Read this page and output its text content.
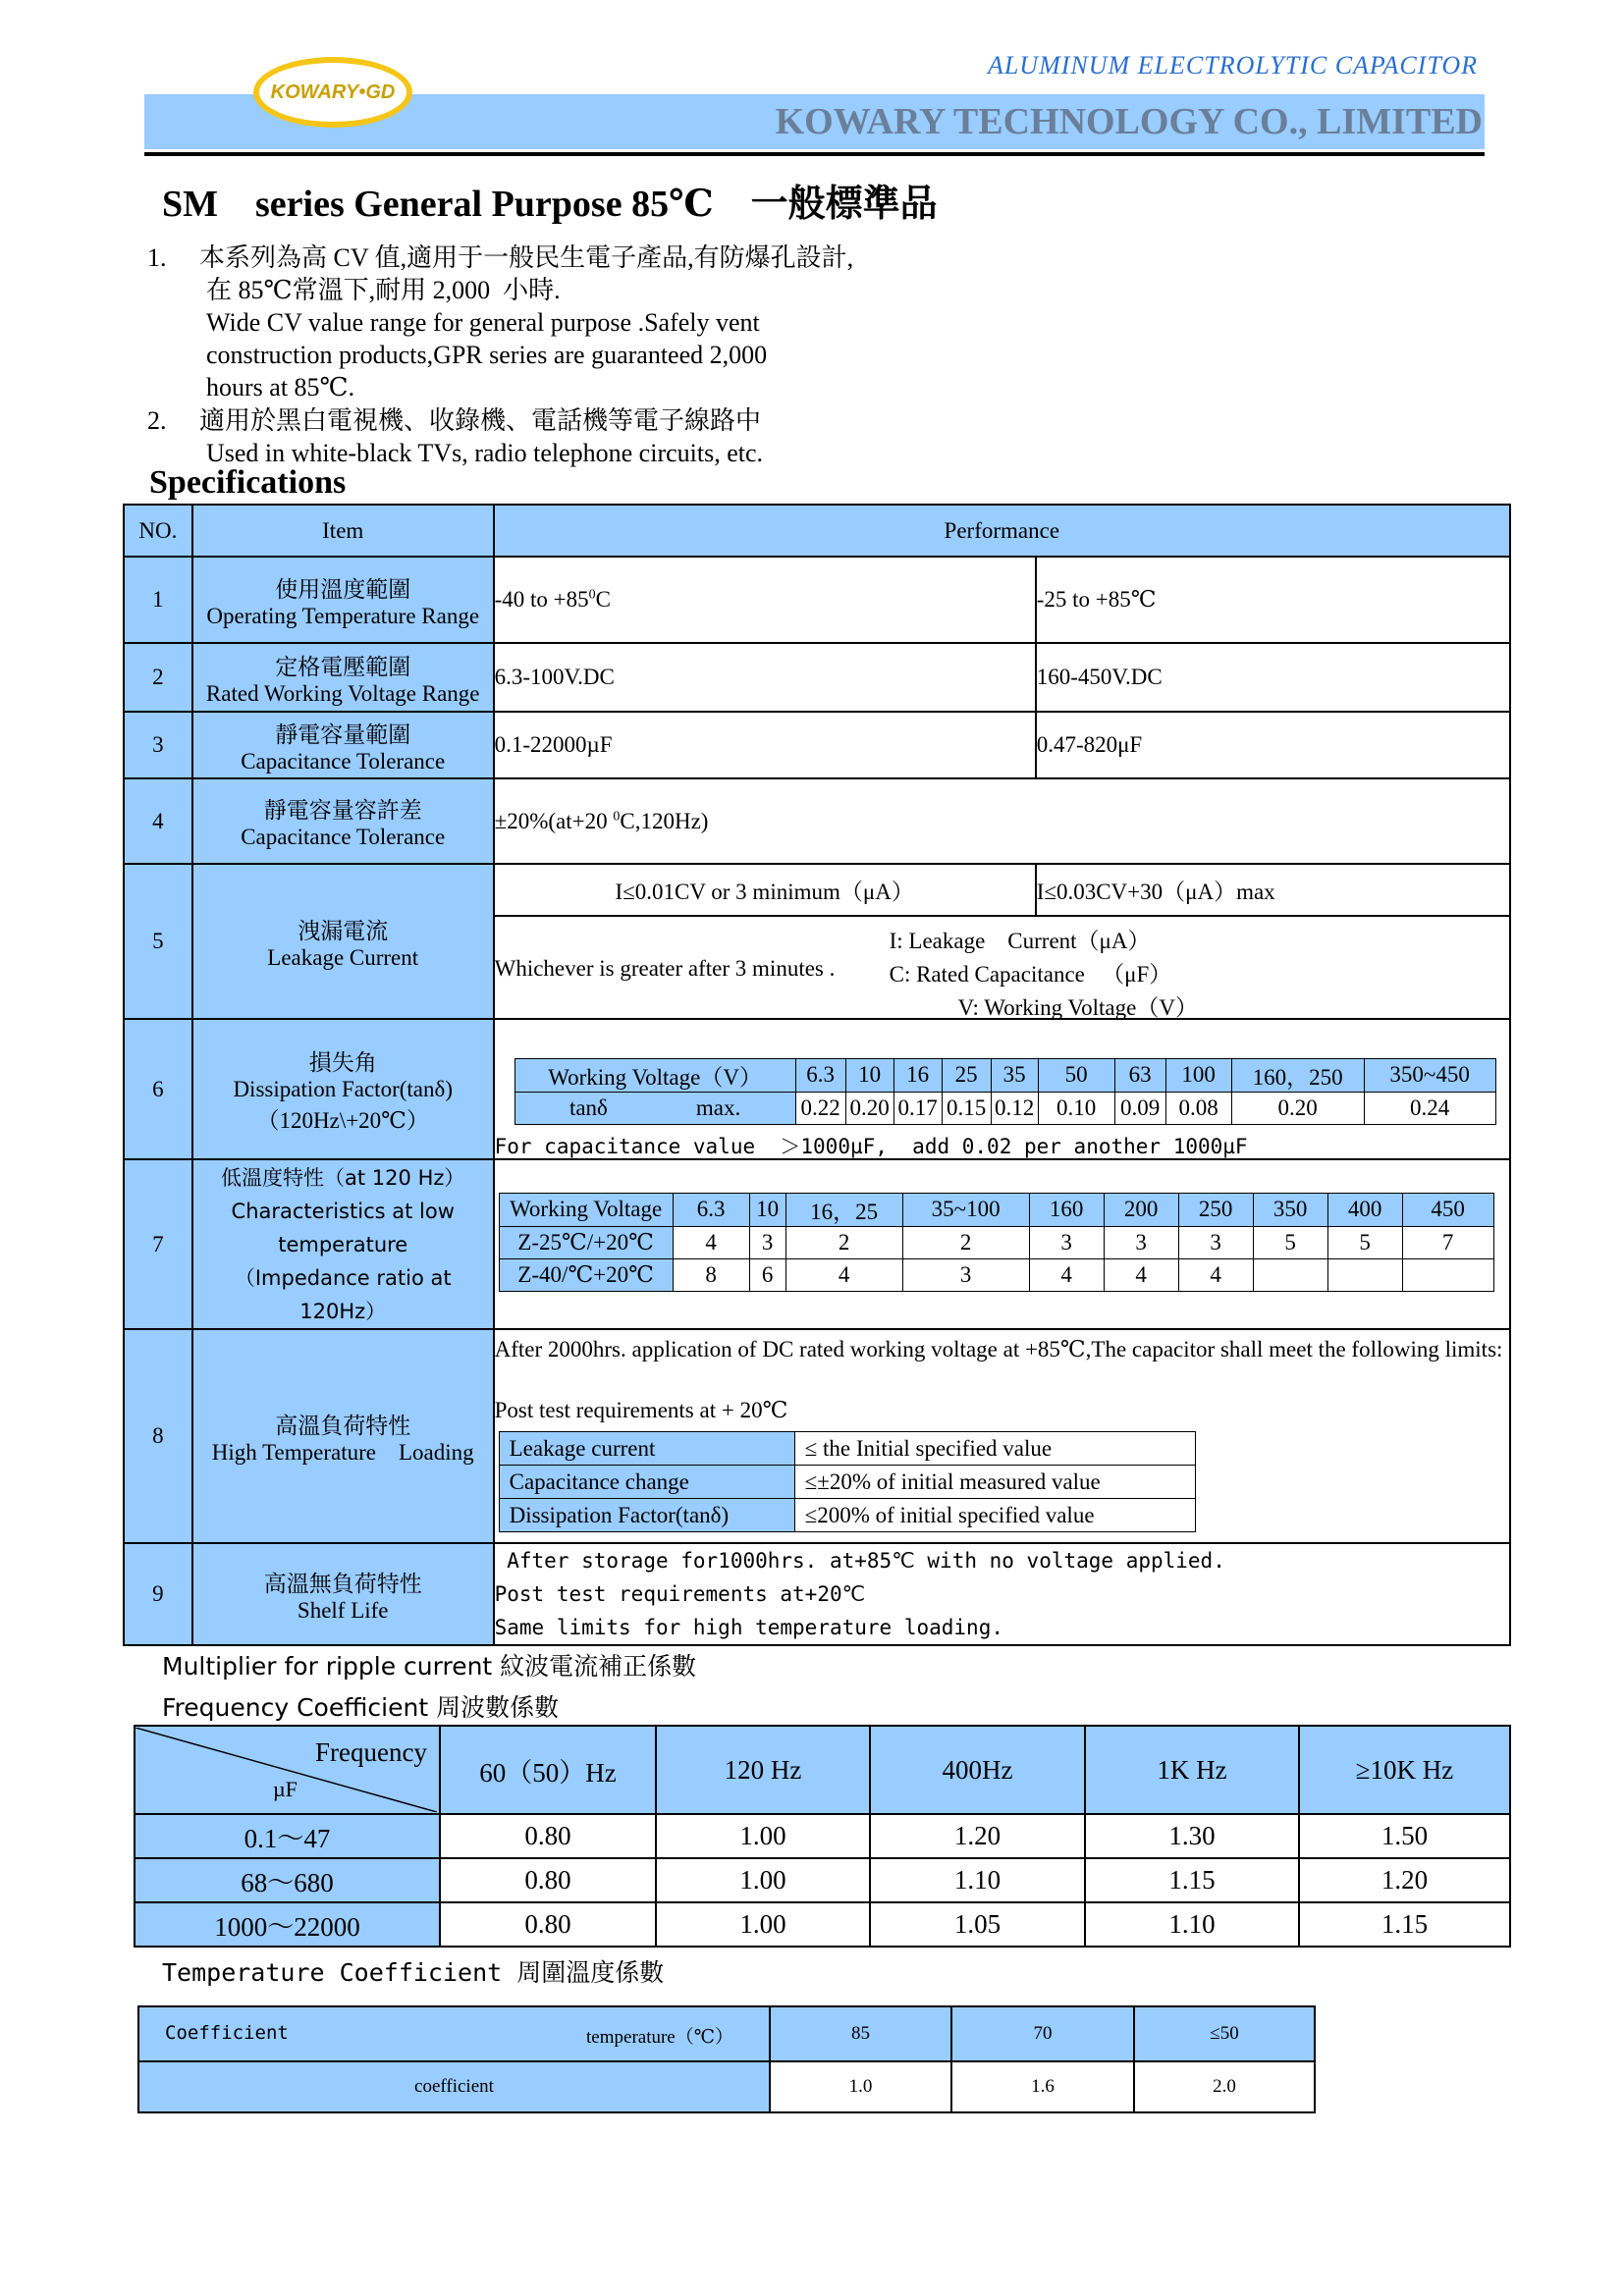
KOWARY•GD
ALUMINUM ELECTROLYTIC CAPACITOR
KOWARY TECHNOLOGY CO., LIMITED
SM    series General Purpose 85℃    一般標準品
1. 本系列為高 CV 值,適用于一般民生電子產品,有防爆孔設計,
在 85℃常溫下,耐用 2,000  小時.
Wide CV value range for general purpose .Safely vent
construction products,GPR series are guaranteed 2,000
hours at 85℃.
2. 適用於黑白電視機、收錄機、電話機等電子線路中
Used in white-black TVs, radio telephone circuits, etc.
Specifications
NO.	Item	Performance
1	使用溫度範圍
Operating Temperature Range
	-40 to $+85^0C$	-25 to +85℃
2	定格電壓範圍
Rated Working Voltage Range
	6.3-100V.DC	160-450V.DC
3	靜電容量範圍
Capacitance Tolerance
	0.1-22000µF	0.47-820μF
4	靜電容量容許差
Capacitance Tolerance
	±20%(at+20 $^0$C,120Hz)
5	洩漏電流
Leakage Current
	I≤0.01CV or 3 minimum（μA）	I≤0.03CV+30（μA）max

I: Leakage    Current（μA）
Whichever is greater after 3 minutes . C: Rated Capacitance   （μF）
V: Working Voltage（V）

6	
損失角
Dissipation Factor(tanδ)
（120Hz\+20℃）

Working Voltage（V）	6.3	10	16	25	35	50	63	100	160，250	350~450
tanδ	max.	0.22	0.20	0.17	0.15	0.12	0.10	0.09	0.08	0.20	0.24
For capacitance value  ＞1000µF,  add 0.02 per another 1000µF

7	
低溫度特性（at 120 Hz）
Characteristics at low
temperature
（Impedance ratio at 120Hz）

Working Voltage	6.3	10	16，25	35~100	160	200	250	350	400	450
Z-25℃/+20℃	4	3	2	2	3	3	3	5	5	7
Z-40/℃+20℃	8	6	4	3	4	4	4			

8	高溫負荷特性
High Temperature    Loading

After 2000hrs. application of DC rated working voltage at +85℃,The capacitor shall meet the following limits:
Post test requirements at + 20℃
Leakage current	≤ the Initial specified value
Capacitance change	≤±20% of initial measured value
Dissipation Factor(tanδ)	≤200% of initial specified value

9	高溫無負荷特性
Shelf Life

After storage for1000hrs. at+85℃ with no voltage applied.
Post test requirements at+20℃
Same limits for high temperature loading.
Multiplier for ripple current 紋波電流補正係數
Frequency Coefficient 周波數係數
Frequency
µF	60（50）Hz	120 Hz	400Hz	1K Hz	≥10K Hz
0.1～47	0.80	1.00	1.20	1.30	1.50
68～680	0.80	1.00	1.10	1.15	1.20
1000～22000	0.80	1.00	1.05	1.10	1.15
Temperature Coefficient 周圍溫度係數
Coefficient temperature（℃）	85	70	≤50
coefficient	1.0	1.6	2.0
